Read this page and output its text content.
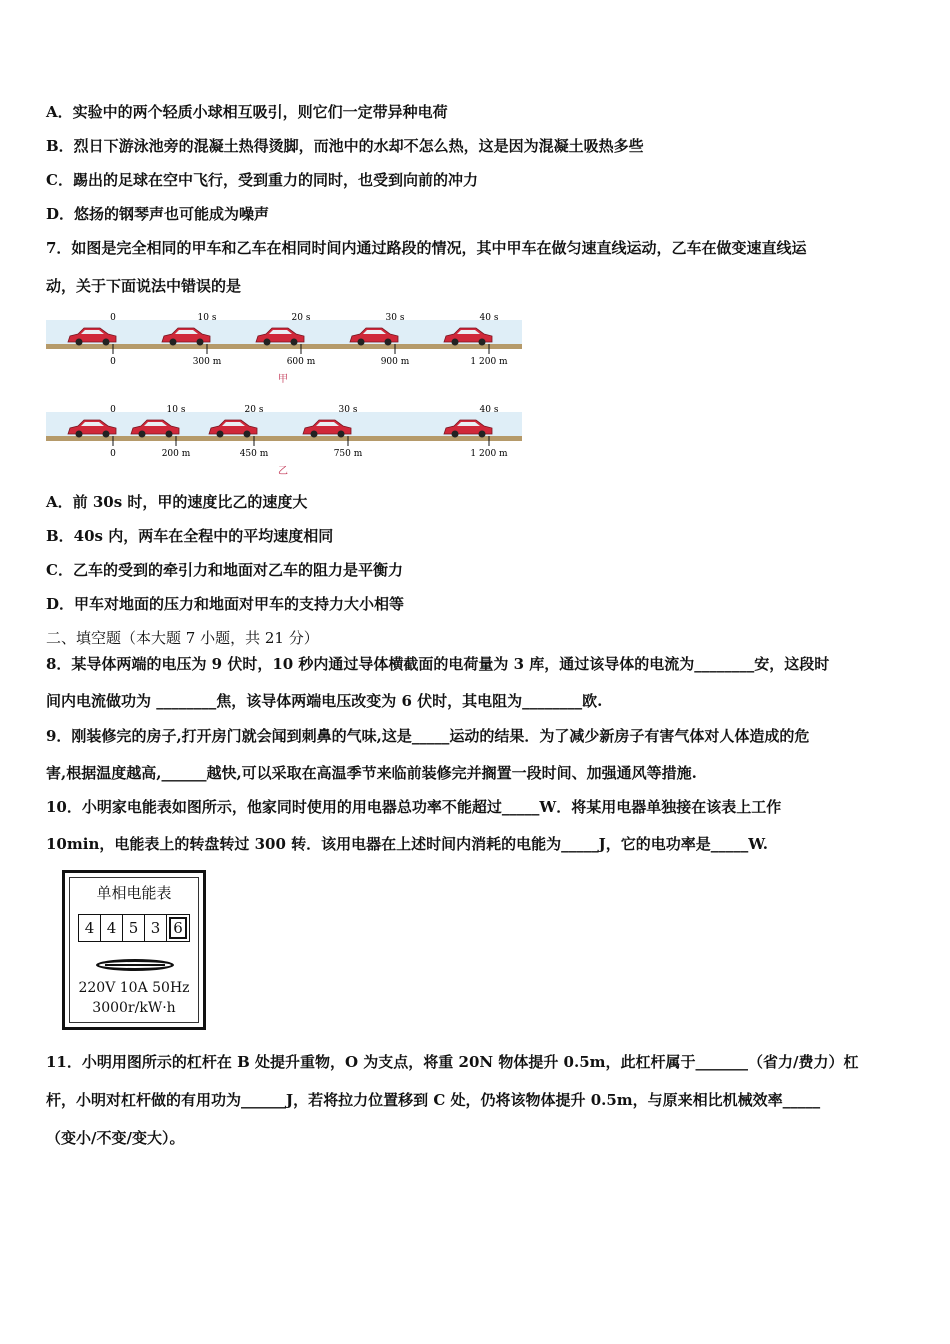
A．实验中的两个轻质小球相互吸引，则它们一定带异种电荷
B．烈日下游泳池旁的混凝土热得烫脚，而池中的水却不怎么热，这是因为混凝土吸热多些
C．踢出的足球在空中飞行，受到重力的同时，也受到向前的冲力
D．悠扬的钢琴声也可能成为噪声
7．如图是完全相同的甲车和乙车在相同时间内通过路段的情况，其中甲车在做匀速直线运动，乙车在做变速直线运
动，关于下面说法中错误的是
0	10 s	20 s	30 s	40 s
0	300 m	600 m	900 m	1 200 m
甲
0	10 s	20 s	30 s	40 s
0	200 m	450 m	750 m	1 200 m
乙
A．前 30s 时，甲的速度比乙的速度大
B．40s 内，两车在全程中的平均速度相同
C．乙车的受到的牵引力和地面对乙车的阻力是平衡力
D．甲车对地面的压力和地面对甲车的支持力大小相等
二、填空题（本大题 7 小题，共 21 分）
8．某导体两端的电压为 9 伏时，10 秒内通过导体横截面的电荷量为 3 库，通过该导体的电流为________安，这段时
间内电流做功为 ________焦，该导体两端电压改变为 6 伏时，其电阻为________欧.
9．刚装修完的房子,打开房门就会闻到刺鼻的气味,这是_____运动的结果．为了减少新房子有害气体对人体造成的危
害,根据温度越高,______越快,可以采取在高温季节来临前装修完并搁置一段时间、加强通风等措施.
10．小明家电能表如图所示，他家同时使用的用电器总功率不能超过_____W．将某用电器单独接在该表上工作
10min，电能表上的转盘转过 300 转．该用电器在上述时间内消耗的电能为_____J，它的电功率是_____W.
单相电能表
4 4 5 3 6
220V 10A 50Hz
3000r/kW·h
11．小明用图所示的杠杆在 B 处提升重物，O 为支点，将重 20N 物体提升 0.5m，此杠杆属于_______（省力/费力）杠
杆，小明对杠杆做的有用功为______J，若将拉力位置移到 C 处，仍将该物体提升 0.5m，与原来相比机械效率_____
（变小/不变/变大）。
